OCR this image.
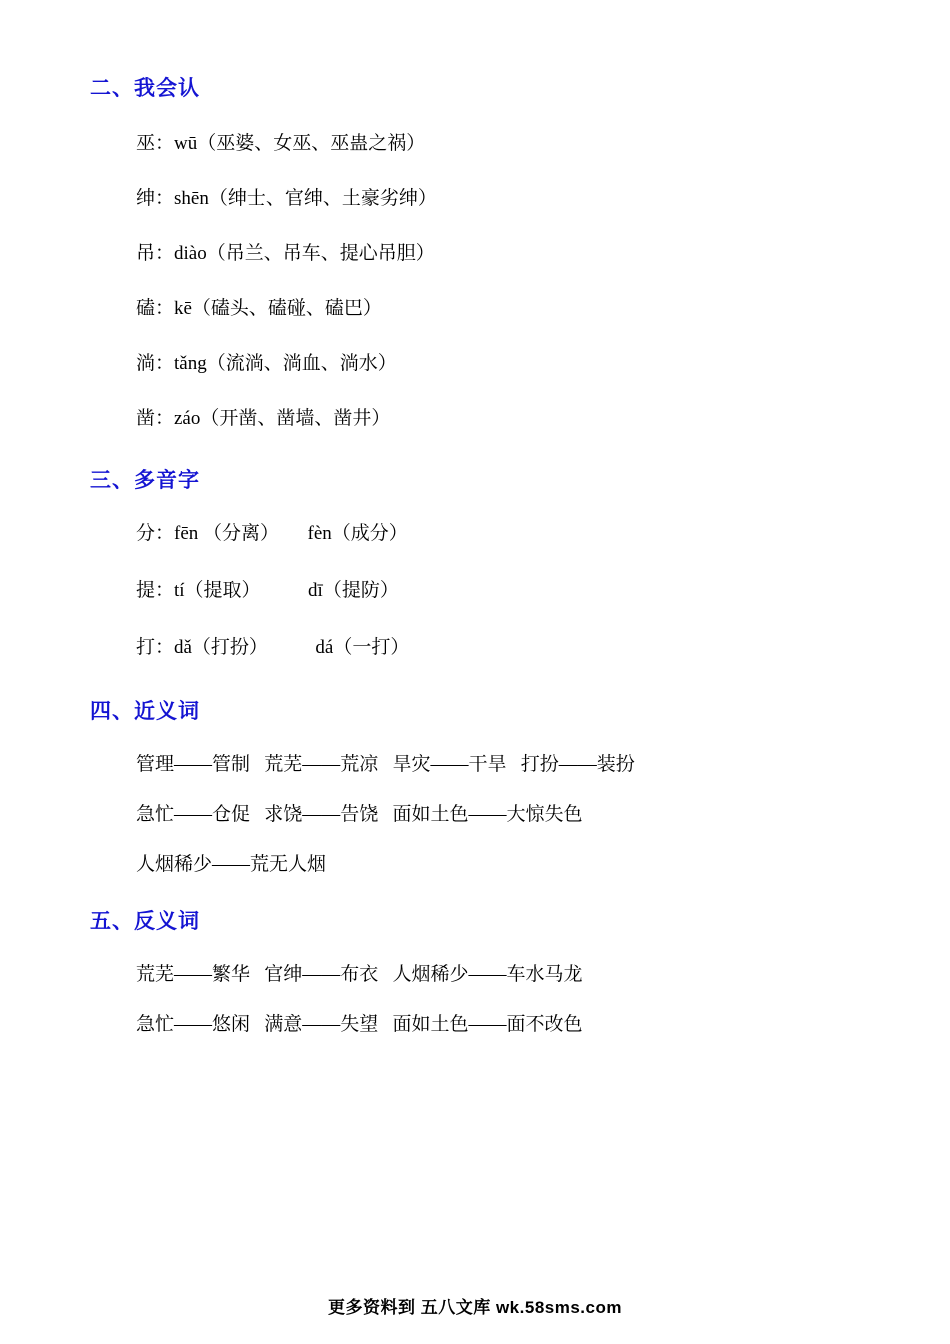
二、我会认

巫：wū（巫婆、女巫、巫蛊之祸）

绅：shēn（绅士、官绅、土豪劣绅）

吊：diào（吊兰、吊车、提心吊胆）

磕：kē（磕头、磕碰、磕巴）

淌：tǎng（流淌、淌血、淌水）

凿：záo（开凿、凿墙、凿井）

三、多音字

分：fēn （分离）      fèn（成分）

提：tí（提取）          dī（提防）

打：dǎ（打扮）          dá（一打）

四、近义词

管理——管制   荒芜——荒凉   旱灾——干旱   打扮——装扮

急忙——仓促   求饶——告饶   面如土色——大惊失色

人烟稀少——荒无人烟

五、反义词

荒芜——繁华   官绅——布衣   人烟稀少——车水马龙

急忙——悠闲   满意——失望   面如土色——面不改色

更多资料到 五八文库 wk.58sms.com
